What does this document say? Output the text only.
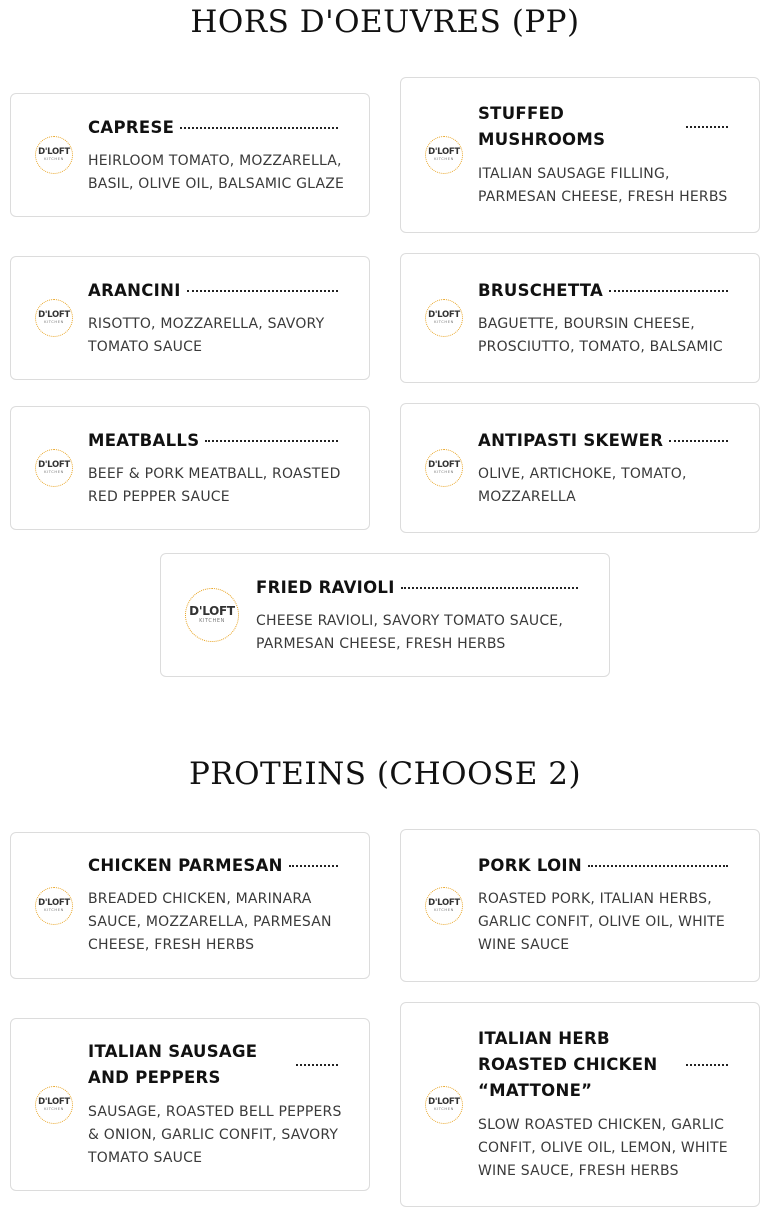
HORS D'OEUVRES (PP)
D'LOFT
KITCHEN
CAPRESE

HEIRLOOM TOMATO, MOZZARELLA, BASIL, OLIVE OIL, BALSAMIC GLAZE

D'LOFT
KITCHEN
STUFFED MUSHROOMS

ITALIAN SAUSAGE FILLING, PARMESAN CHEESE, FRESH HERBS

D'LOFT
KITCHEN
ARANCINI

RISOTTO, MOZZARELLA, SAVORY TOMATO SAUCE

D'LOFT
KITCHEN
BRUSCHETTA

BAGUETTE, BOURSIN CHEESE, PROSCIUTTO, TOMATO, BALSAMIC

D'LOFT
KITCHEN
MEATBALLS

BEEF & PORK MEATBALL, ROASTED RED PEPPER SAUCE

D'LOFT
KITCHEN
ANTIPASTI SKEWER

OLIVE, ARTICHOKE, TOMATO, MOZZARELLA

D'LOFT
KITCHEN
FRIED RAVIOLI

CHEESE RAVIOLI, SAVORY TOMATO SAUCE, PARMESAN CHEESE, FRESH HERBS

PROTEINS (CHOOSE 2)
D'LOFT
KITCHEN
CHICKEN PARMESAN

BREADED CHICKEN, MARINARA SAUCE, MOZZARELLA, PARMESAN CHEESE, FRESH HERBS

D'LOFT
KITCHEN
PORK LOIN

ROASTED PORK, ITALIAN HERBS, GARLIC CONFIT, OLIVE OIL, WHITE WINE SAUCE

D'LOFT
KITCHEN
ITALIAN SAUSAGE AND PEPPERS

SAUSAGE, ROASTED BELL PEPPERS & ONION, GARLIC CONFIT, SAVORY TOMATO SAUCE

D'LOFT
KITCHEN
ITALIAN HERB ROASTED CHICKEN “MATTONE”

SLOW ROASTED CHICKEN, GARLIC CONFIT, OLIVE OIL, LEMON, WHITE WINE SAUCE, FRESH HERBS
